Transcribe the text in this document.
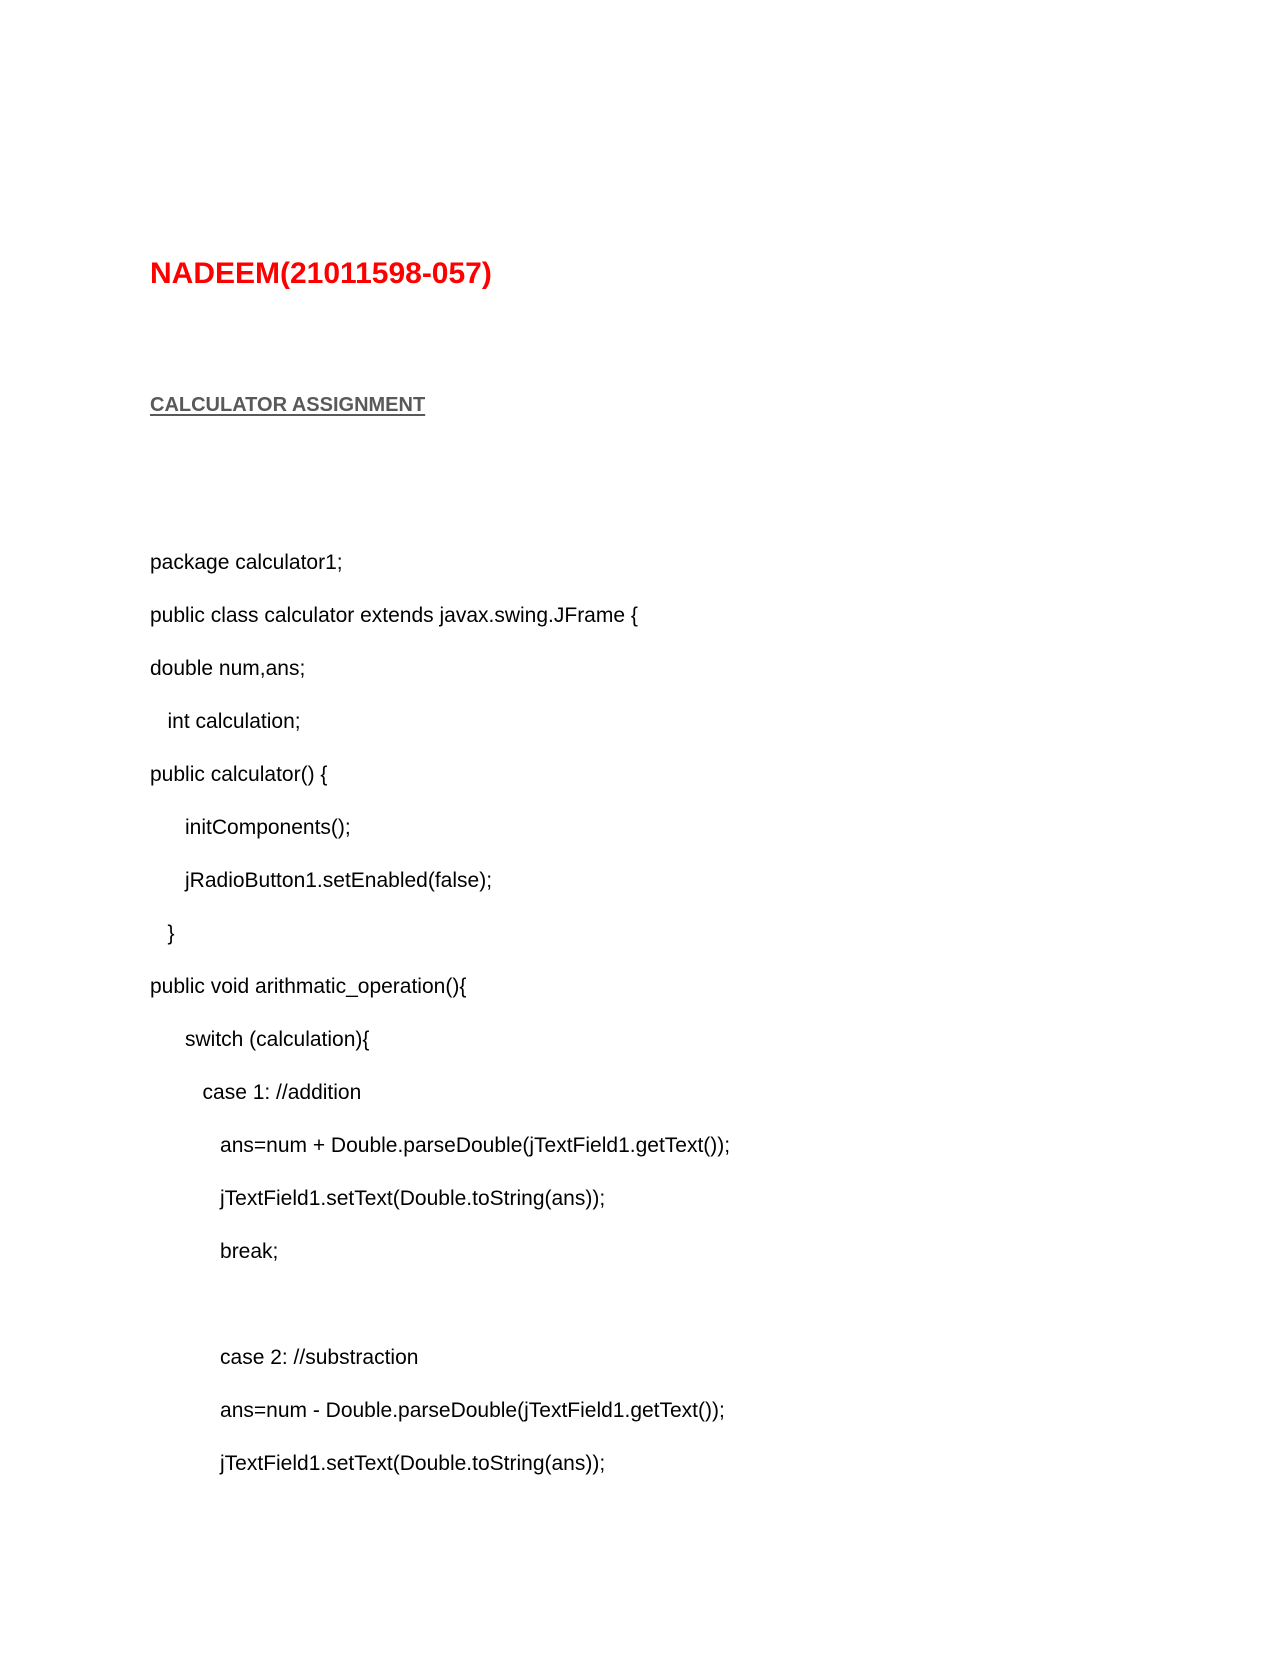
NADEEM(21011598-057)
CALCULATOR ASSIGNMENT
package calculator1;
public class calculator extends javax.swing.JFrame {
double num,ans;
int calculation;
public calculator() {
initComponents();
jRadioButton1.setEnabled(false);
}
public void arithmatic_operation(){
switch (calculation){
case 1: //addition
ans=num + Double.parseDouble(jTextField1.getText());
jTextField1.setText(Double.toString(ans));
break;
case 2: //substraction
ans=num - Double.parseDouble(jTextField1.getText());
jTextField1.setText(Double.toString(ans));
